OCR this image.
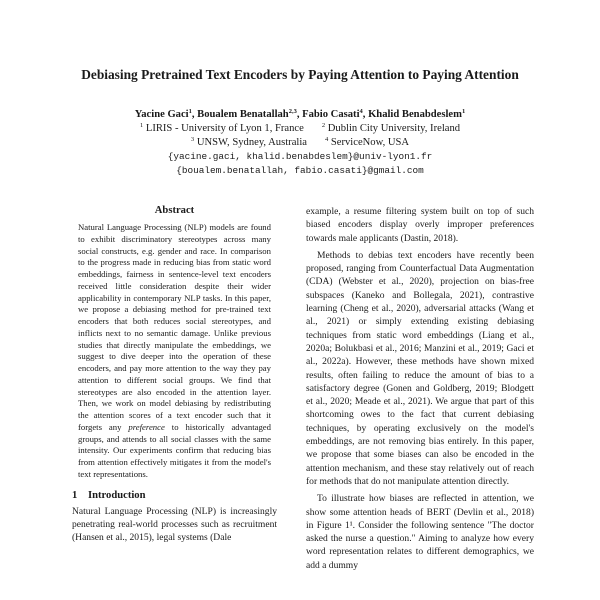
Debiasing Pretrained Text Encoders by Paying Attention to Paying Attention
Yacine Gaci$^1$, Boualem Benatallah$^{2,3}$, Fabio Casati$^4$, Khalid Benabdeslem$^1$
$^1$ LIRIS - University of Lyon 1, France	$^2$ Dublin City University, Ireland
$^3$ UNSW, Sydney, Australia	$^4$ ServiceNow, USA
{yacine.gaci, khalid.benabdeslem}@univ-lyon1.fr
{boualem.benatallah, fabio.casati}@gmail.com
Abstract

Natural Language Processing (NLP) models are found to exhibit discriminatory stereotypes across many social constructs, e.g. gender and race. In comparison to the progress made in reducing bias from static word embeddings, fairness in sentence-level text encoders received little consideration despite their wider applicability in contemporary NLP tasks. In this paper, we propose a debiasing method for pre-trained text encoders that both reduces social stereotypes, and inflicts next to no semantic damage. Unlike previous studies that directly manipulate the embeddings, we suggest to dive deeper into the operation of these encoders, and pay more attention to the way they pay attention to different social groups. We find that stereotypes are also encoded in the attention layer. Then, we work on model debiasing by redistributing the attention scores of a text encoder such that it forgets any preference to historically advantaged groups, and attends to all social classes with the same intensity. Our experiments confirm that reducing bias from attention effectively mitigates it from the model's text representations.

1 Introduction

Natural Language Processing (NLP) is increasingly penetrating real-world processes such as recruitment (Hansen et al., 2015), legal systems (Dale

example, a resume filtering system built on top of such biased encoders display overly improper preferences towards male applicants (Dastin, 2018).

Methods to debias text encoders have recently been proposed, ranging from Counterfactual Data Augmentation (CDA) (Webster et al., 2020), projection on bias-free subspaces (Kaneko and Bollegala, 2021), contrastive learning (Cheng et al., 2020), adversarial attacks (Wang et al., 2021) or simply extending existing debiasing techniques from static word embeddings (Liang et al., 2020a; Bolukbasi et al., 2016; Manzini et al., 2019; Gaci et al., 2022a). However, these methods have shown mixed results, often failing to reduce the amount of bias to a satisfactory degree (Gonen and Goldberg, 2019; Blodgett et al., 2020; Meade et al., 2021). We argue that part of this shortcoming owes to the fact that current debiasing techniques, by operating exclusively on the model's embeddings, are not removing bias entirely. In this paper, we propose that some biases can also be encoded in the attention mechanism, and these stay relatively out of reach for methods that do not manipulate attention directly.

To illustrate how biases are reflected in attention, we show some attention heads of BERT (Devlin et al., 2018) in Figure 1¹. Consider the following sentence "The doctor asked the nurse a question." Aiming to analyze how every word representation relates to different demographics, we add a dummy
